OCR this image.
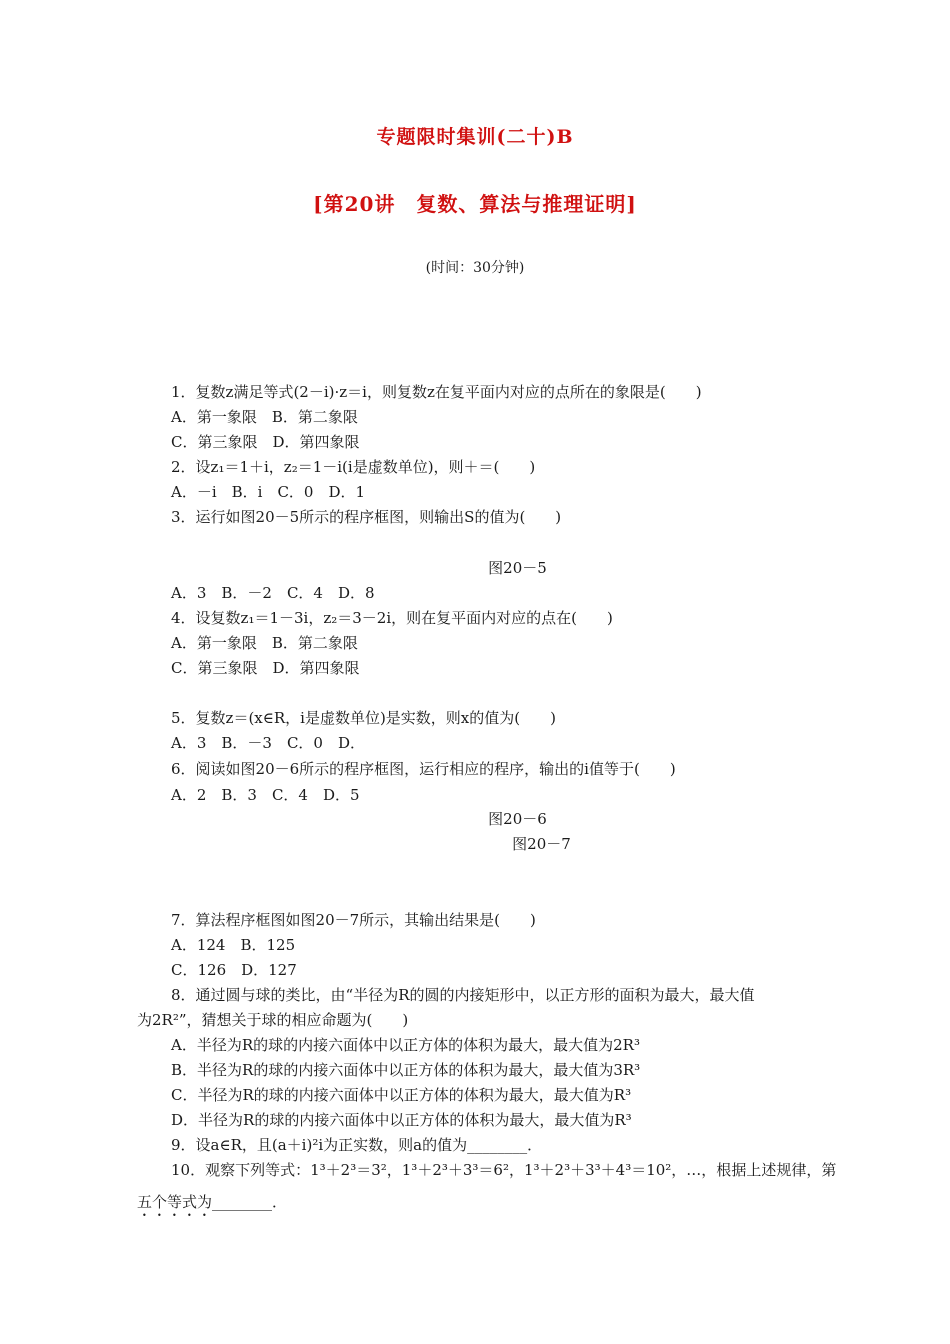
专题限时集训(二十)B
[第20讲　复数、算法与推理证明]
(时间：30分钟)
1．复数z满足等式(2－i)·z＝i，则复数z在复平面内对应的点所在的象限是(　　)
A．第一象限　B．第二象限
C．第三象限　D．第四象限
2．设z₁＝1＋i，z₂＝1－i(i是虚数单位)，则＋＝(　　)
A．－i　B．i　C．0　D．1
3．运行如图20－5所示的程序框图，则输出S的值为(　　)
图20－5
A．3　B．－2　C．4　D．8
4．设复数z₁＝1－3i，z₂＝3－2i，则在复平面内对应的点在(　　)
A．第一象限　B．第二象限
C．第三象限　D．第四象限
5．复数z＝(x∈R，i是虚数单位)是实数，则x的值为(　　)
A．3　B．－3　C．0　D．
6．阅读如图20－6所示的程序框图，运行相应的程序，输出的i值等于(　　)
A．2　B．3　C．4　D．5
图20－6
图20－7
7．算法程序框图如图20－7所示，其输出结果是(　　)
A．124　B．125
C．126　D．127
8．通过圆与球的类比，由“半径为R的圆的内接矩形中，以正方形的面积为最大，最大值
为2R²”，猜想关于球的相应命题为(　　)
A．半径为R的球的内接六面体中以正方体的体积为最大，最大值为2R³
B．半径为R的球的内接六面体中以正方体的体积为最大，最大值为3R³
C．半径为R的球的内接六面体中以正方体的体积为最大，最大值为R³
D．半径为R的球的内接六面体中以正方体的体积为最大，最大值为R³
9．设a∈R，且(a＋i)²i为正实数，则a的值为________．
10．观察下列等式：1³＋2³＝3²，1³＋2³＋3³＝6²，1³＋2³＋3³＋4³＝10²，…，根据上述规律，第
五个等式为________．
